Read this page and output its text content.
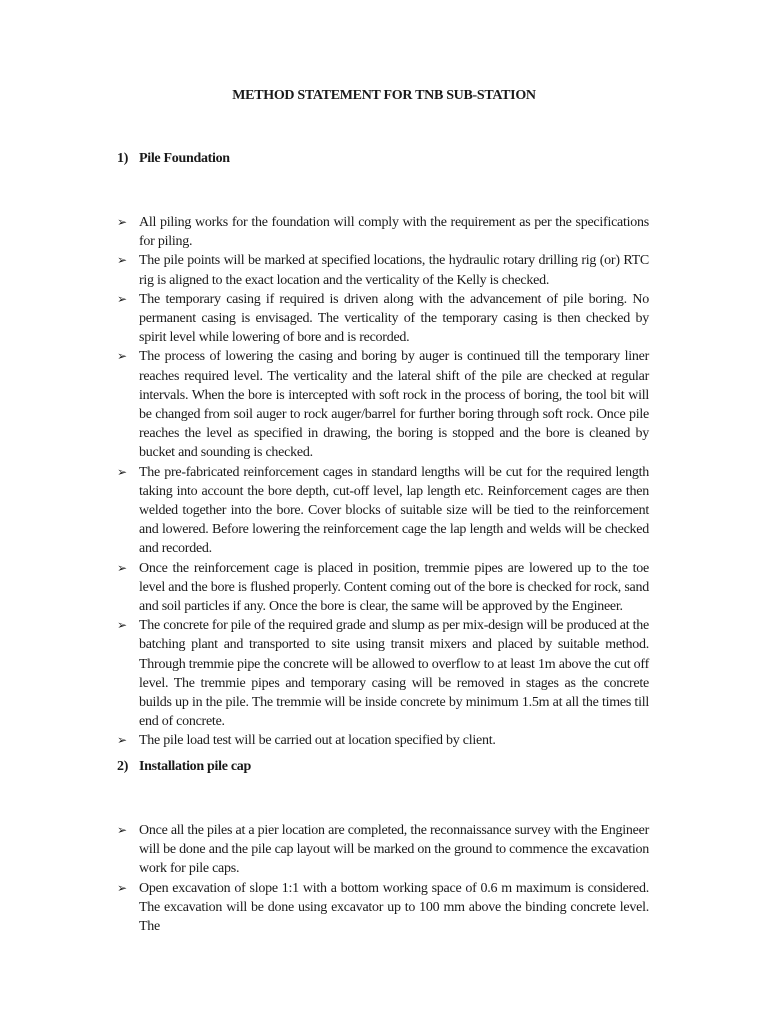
METHOD STATEMENT FOR TNB SUB-STATION
1) Pile Foundation
➢ All piling works for the foundation will comply with the requirement as per the specifications for piling.
➢ The pile points will be marked at specified locations, the hydraulic rotary drilling rig (or) RTC rig is aligned to the exact location and the verticality of the Kelly is checked.
➢ The temporary casing if required is driven along with the advancement of pile boring. No permanent casing is envisaged. The verticality of the temporary casing is then checked by spirit level while lowering of bore and is recorded.
➢ The process of lowering the casing and boring by auger is continued till the temporary liner reaches required level. The verticality and the lateral shift of the pile are checked at regular intervals. When the bore is intercepted with soft rock in the process of boring, the tool bit will be changed from soil auger to rock auger/barrel for further boring through soft rock. Once pile reaches the level as specified in drawing, the boring is stopped and the bore is cleaned by bucket and sounding is checked.
➢ The pre-fabricated reinforcement cages in standard lengths will be cut for the required length taking into account the bore depth, cut-off level, lap length etc. Reinforcement cages are then welded together into the bore. Cover blocks of suitable size will be tied to the reinforcement and lowered. Before lowering the reinforcement cage the lap length and welds will be checked and recorded.
➢ Once the reinforcement cage is placed in position, tremmie pipes are lowered up to the toe level and the bore is flushed properly. Content coming out of the bore is checked for rock, sand and soil particles if any. Once the bore is clear, the same will be approved by the Engineer.
➢ The concrete for pile of the required grade and slump as per mix-design will be produced at the batching plant and transported to site using transit mixers and placed by suitable method. Through tremmie pipe the concrete will be allowed to overflow to at least 1m above the cut off level. The tremmie pipes and temporary casing will be removed in stages as the concrete builds up in the pile. The tremmie will be inside concrete by minimum 1.5m at all the times till end of concrete.
➢ The pile load test will be carried out at location specified by client.
2) Installation pile cap
➢ Once all the piles at a pier location are completed, the reconnaissance survey with the Engineer will be done and the pile cap layout will be marked on the ground to commence the excavation work for pile caps.
➢ Open excavation of slope 1:1 with a bottom working space of 0.6 m maximum is considered. The excavation will be done using excavator up to 100 mm above the binding concrete level. The
